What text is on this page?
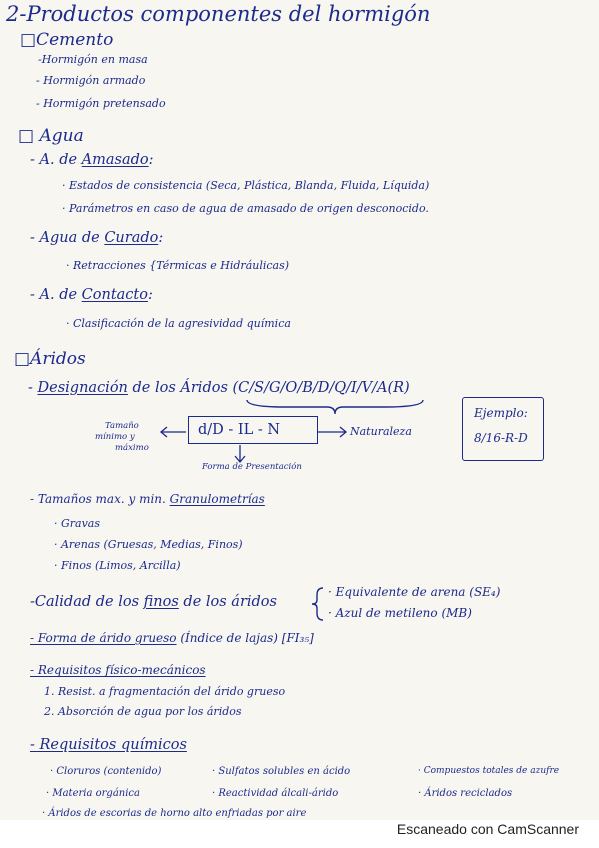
2-Productos componentes del hormigón
□Cemento
-Hormigón en masa
- Hormigón armado
- Hormigón pretensado
□ Agua
- A. de Amasado:
· Estados de consistencia (Seca, Plástica, Blanda, Fluida, Líquida)
· Parámetros en caso de agua de amasado de origen desconocido.
- Agua de Curado:
· Retracciones {Térmicas e Hidráulicas)
- A. de Contacto:
· Clasificación de la agresividad química
□Áridos
- Designación de los Áridos (C/S/G/O/B/D/Q/I/V/A(R)
Tamaño
mínimo y
máximo
d/D - IL - N	Naturaleza
Forma de Presentación
Ejemplo:
8/16-R-D
- Tamaños max. y min. Granulometrías
· Gravas
· Arenas (Gruesas, Medias, Finos)
· Finos (Limos, Arcilla)
-Calidad de los finos de los áridos
· Equivalente de arena (SE₄)
· Azul de metileno (MB)
- Forma de árido grueso (Índice de lajas) [FI₃₅]
- Requisitos físico-mecánicos
1. Resist. a fragmentación del árido grueso
2. Absorción de agua por los áridos
- Requisitos químicos
· Cloruros (contenido)
· Materia orgánica
· Áridos de escorias de horno alto enfriadas por aire
· Sulfatos solubles en ácido
· Reactividad álcali-árido
· Compuestos totales de azufre
· Áridos reciclados
Escaneado con CamScanner
